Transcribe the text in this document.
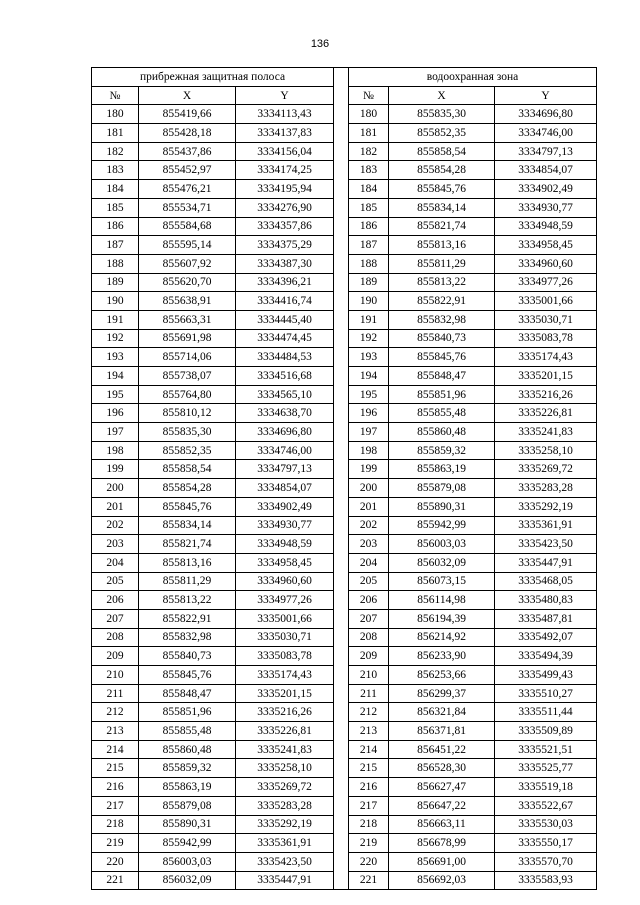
136
прибрежная защитная полоса				водоохранная зона		
№	X	Y		№	X	Y
180	855419,66	3334113,43		180	855835,30	3334696,80
181	855428,18	3334137,83		181	855852,35	3334746,00
182	855437,86	3334156,04		182	855858,54	3334797,13
183	855452,97	3334174,25		183	855854,28	3334854,07
184	855476,21	3334195,94		184	855845,76	3334902,49
185	855534,71	3334276,90		185	855834,14	3334930,77
186	855584,68	3334357,86		186	855821,74	3334948,59
187	855595,14	3334375,29		187	855813,16	3334958,45
188	855607,92	3334387,30		188	855811,29	3334960,60
189	855620,70	3334396,21		189	855813,22	3334977,26
190	855638,91	3334416,74		190	855822,91	3335001,66
191	855663,31	3334445,40		191	855832,98	3335030,71
192	855691,98	3334474,45		192	855840,73	3335083,78
193	855714,06	3334484,53		193	855845,76	3335174,43
194	855738,07	3334516,68		194	855848,47	3335201,15
195	855764,80	3334565,10		195	855851,96	3335216,26
196	855810,12	3334638,70		196	855855,48	3335226,81
197	855835,30	3334696,80		197	855860,48	3335241,83
198	855852,35	3334746,00		198	855859,32	3335258,10
199	855858,54	3334797,13		199	855863,19	3335269,72
200	855854,28	3334854,07		200	855879,08	3335283,28
201	855845,76	3334902,49		201	855890,31	3335292,19
202	855834,14	3334930,77		202	855942,99	3335361,91
203	855821,74	3334948,59		203	856003,03	3335423,50
204	855813,16	3334958,45		204	856032,09	3335447,91
205	855811,29	3334960,60		205	856073,15	3335468,05
206	855813,22	3334977,26		206	856114,98	3335480,83
207	855822,91	3335001,66		207	856194,39	3335487,81
208	855832,98	3335030,71		208	856214,92	3335492,07
209	855840,73	3335083,78		209	856233,90	3335494,39
210	855845,76	3335174,43		210	856253,66	3335499,43
211	855848,47	3335201,15		211	856299,37	3335510,27
212	855851,96	3335216,26		212	856321,84	3335511,44
213	855855,48	3335226,81		213	856371,81	3335509,89
214	855860,48	3335241,83		214	856451,22	3335521,51
215	855859,32	3335258,10		215	856528,30	3335525,77
216	855863,19	3335269,72		216	856627,47	3335519,18
217	855879,08	3335283,28		217	856647,22	3335522,67
218	855890,31	3335292,19		218	856663,11	3335530,03
219	855942,99	3335361,91		219	856678,99	3335550,17
220	856003,03	3335423,50		220	856691,00	3335570,70
221	856032,09	3335447,91		221	856692,03	3335583,93
